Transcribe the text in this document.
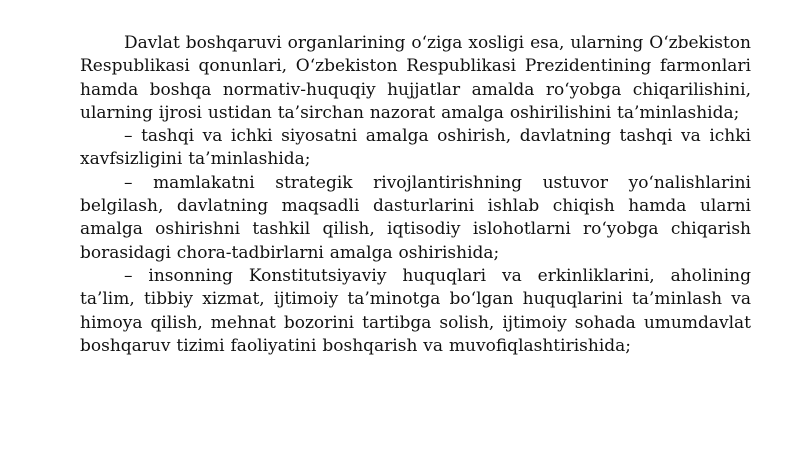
Davlat boshqaruvi organlarining o‘ziga xosligi esa, ularning O‘zbekiston Respublikasi qonunlari, O‘zbekiston Respublikasi Prezidentining farmonlari hamda boshqa normativ-huquqiy hujjatlar amalda ro‘yobga chiqarilishini, ularning ijrosi ustidan ta’sirchan nazorat amalga oshirilishini ta’minlashida;

– tashqi va ichki siyosatni amalga oshirish, davlatning tashqi va ichki xavfsizligini ta’minlashida;

– mamlakatni strategik rivojlantirishning ustuvor yo‘nalishlarini belgilash, davlatning maqsadli dasturlarini ishlab chiqish hamda ularni amalga oshirishni tashkil qilish, iqtisodiy islohotlarni ro‘yobga chiqarish borasidagi chora-tadbirlarni amalga oshirishida;

– insonning Konstitutsiyaviy huquqlari va erkinliklarini, aholining ta’lim, tibbiy xizmat, ijtimoiy ta’minotga bo‘lgan huquqlarini ta’minlash va himoya qilish, mehnat bozorini tartibga solish, ijtimoiy sohada umumdavlat boshqaruv tizimi faoliyatini boshqarish va muvofiqlashtirishida;
